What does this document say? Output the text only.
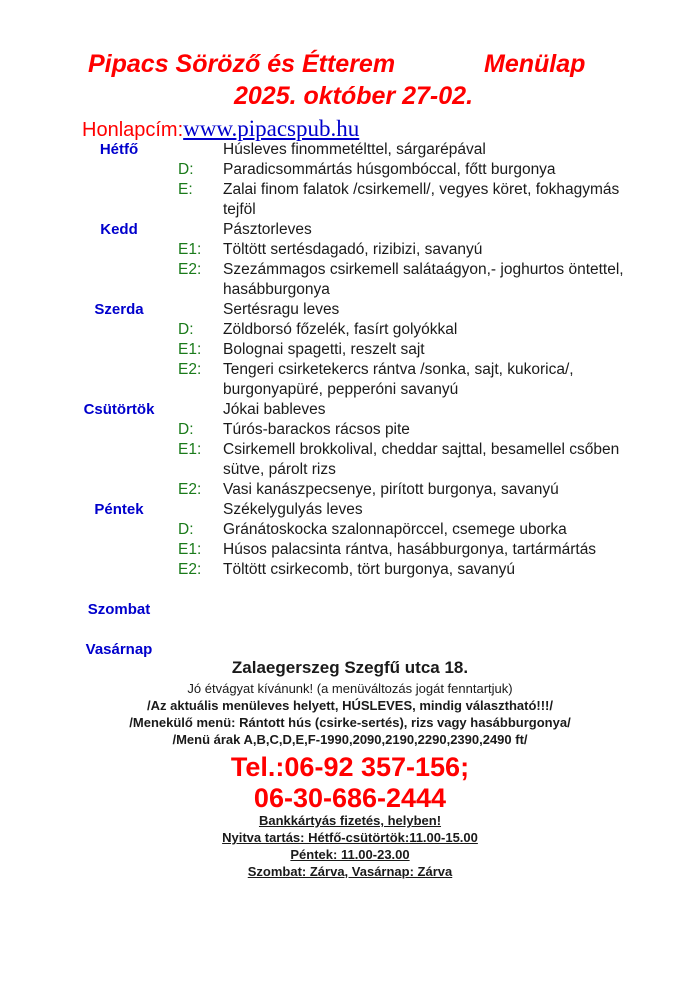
Pipacs Söröző és Étterem	Menülap
2025. október 27-02.
Honlapcím:www.pipacspub.hu
Hétfő	Húsleves finommetélttel, sárgarépával
D: Paradicsommártás húsgombóccal, főtt burgonya
E: Zalai finom falatok /csirkemell/, vegyes köret, fokhagymás
tejföl
Kedd	Pásztorleves
E1: Töltött sertésdagadó, rizibizi, savanyú
E2: Szezámmagos csirkemell salátaágyon,- joghurtos öntettel,
hasábburgonya
Szerda	Sertésragu leves
D: Zöldborsó főzelék, fasírt golyókkal
E1: Bolognai spagetti, reszelt sajt
E2: Tengeri csirketekercs rántva /sonka, sajt, kukorica/,
burgonyapüré, pepperóni savanyú
Csütörtök	Jókai bableves
D: Túrós-barackos rácsos pite
E1: Csirkemell brokkolival, cheddar sajttal, besamellel csőben
sütve, párolt rizs
E2: Vasi kanászpecsenye, pirított burgonya, savanyú
Péntek	Székelygulyás leves
D: Gránátoskocka szalonnapörccel, csemege uborka
E1: Húsos palacsinta rántva, hasábburgonya, tartármártás
E2: Töltött csirkecomb, tört burgonya, savanyú
Szombat
Vasárnap
Zalaegerszeg Szegfű utca 18.
Jó étvágyat kívánunk! (a menüváltozás jogát fenntartjuk)
/Az aktuális menüleves helyett, HÚSLEVES, mindig választható!!!/
/Menekülő menü: Rántott hús (csirke-sertés), rizs vagy hasábburgonya/
/Menü árak A,B,C,D,E,F-1990,2090,2190,2290,2390,2490 ft/
Tel.:06-92 357-156;
06-30-686-2444
Bankkártyás fizetés, helyben!
Nyitva tartás: Hétfő-csütörtök:11.00-15.00
Péntek: 11.00-23.00
Szombat: Zárva, Vasárnap: Zárva
